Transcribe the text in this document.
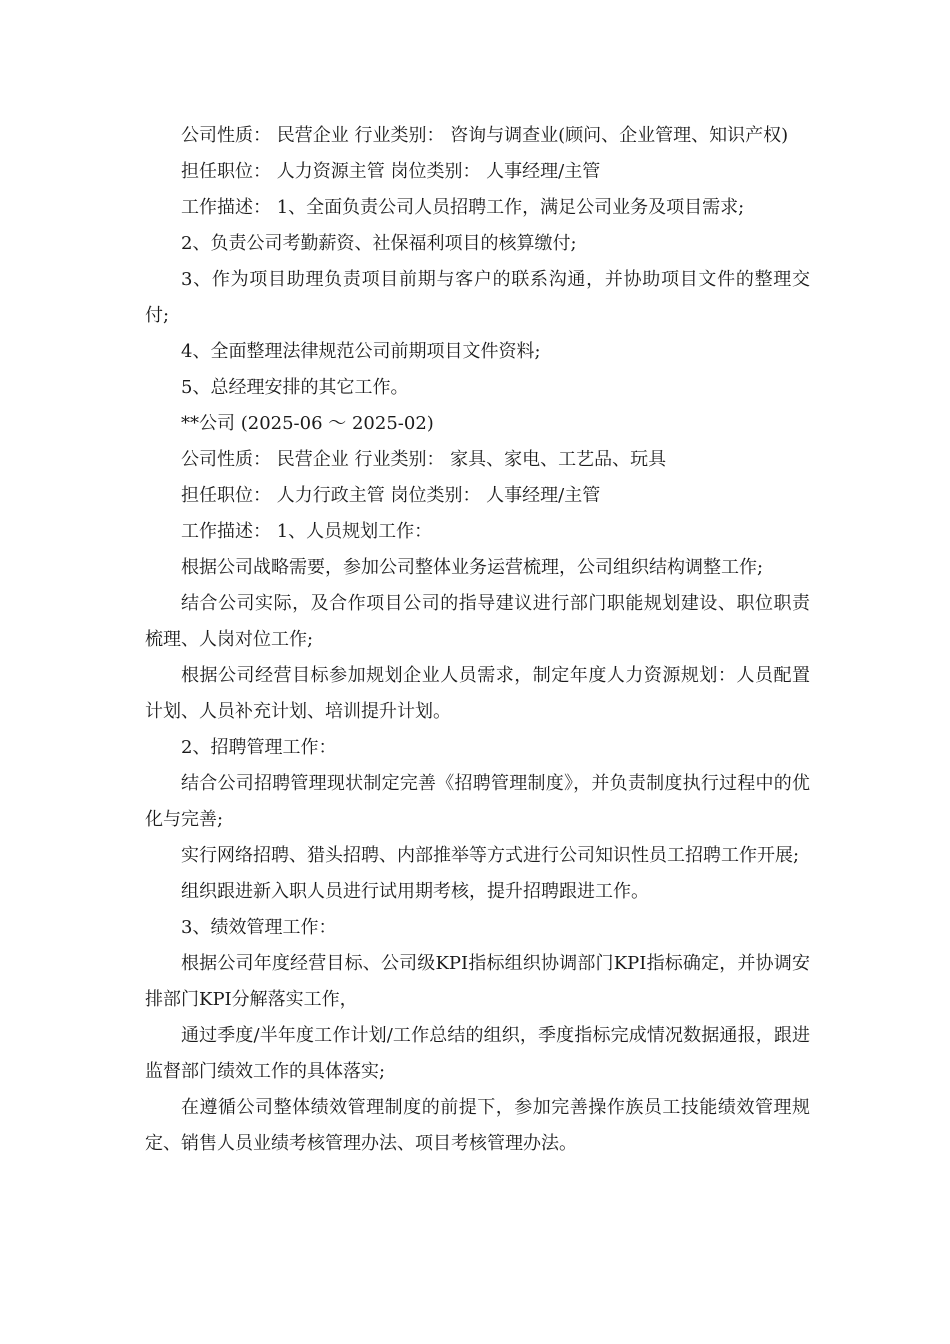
公司性质： 民营企业 行业类别： 咨询与调查业(顾问、企业管理、知识产权)

担任职位： 人力资源主管 岗位类别： 人事经理/主管

工作描述： 1、全面负责公司人员招聘工作，满足公司业务及项目需求;

2、负责公司考勤薪资、社保福利项目的核算缴付;

3、作为项目助理负责项目前期与客户的联系沟通，并协助项目文件的整理交付;

4、全面整理法律规范公司前期项目文件资料;

5、总经理安排的其它工作。

**公司 (2025-06 ～ 2025-02)

公司性质： 民营企业 行业类别： 家具、家电、工艺品、玩具

担任职位： 人力行政主管 岗位类别： 人事经理/主管

工作描述： 1、人员规划工作：

根据公司战略需要，参加公司整体业务运营梳理，公司组织结构调整工作;

结合公司实际，及合作项目公司的指导建议进行部门职能规划建设、职位职责梳理、人岗对位工作;

根据公司经营目标参加规划企业人员需求，制定年度人力资源规划：人员配置计划、人员补充计划、培训提升计划。

2、招聘管理工作：

结合公司招聘管理现状制定完善《招聘管理制度》，并负责制度执行过程中的优化与完善;

实行网络招聘、猎头招聘、内部推举等方式进行公司知识性员工招聘工作开展;

组织跟进新入职人员进行试用期考核，提升招聘跟进工作。

3、绩效管理工作：

根据公司年度经营目标、公司级KPI指标组织协调部门KPI指标确定，并协调安排部门KPI分解落实工作，

通过季度/半年度工作计划/工作总结的组织，季度指标完成情况数据通报，跟进监督部门绩效工作的具体落实;

在遵循公司整体绩效管理制度的前提下，参加完善操作族员工技能绩效管理规定、销售人员业绩考核管理办法、项目考核管理办法。
